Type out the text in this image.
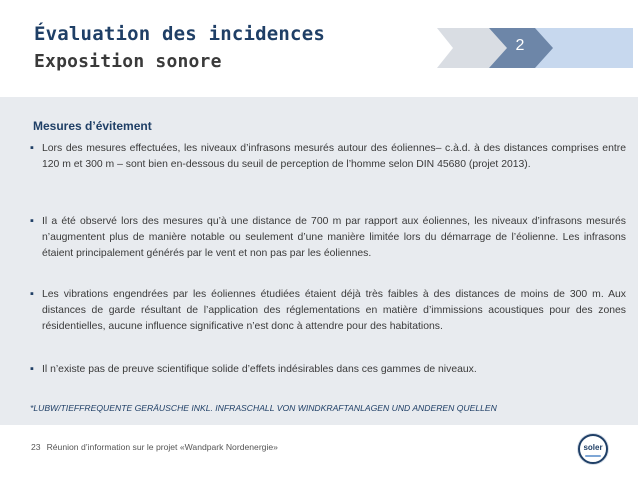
Évaluation des incidences
Exposition sonore
2
Mesures d’évitement
▪ Lors des mesures effectuées, les niveaux d’infrasons mesurés autour des éoliennes– c.à.d. à des distances comprises entre 120 m et 300 m – sont bien en-dessous du seuil de perception de l’homme selon DIN 45680 (projet 2013).
▪ Il a été observé lors des mesures qu’à une distance de 700 m par rapport aux éoliennes, les niveaux d’infrasons mesurés n’augmentent plus de manière notable ou seulement d’une manière limitée lors du démarrage de l’éolienne. Les infrasons étaient principalement générés par le vent et non pas par les éoliennes.
▪ Les vibrations engendrées par les éoliennes étudiées étaient déjà très faibles à des distances de moins de 300 m. Aux distances de garde résultant de l’application des réglementations en matière d’immissions acoustiques pour des zones résidentielles, aucune influence significative n’est donc à attendre pour des habitations.
▪ Il n’existe pas de preuve scientifique solide d’effets indésirables dans ces gammes de niveaux.
*LUBW/TIEFFREQUENTE GERÄUSCHE INKL. INFRASCHALL VON WINDKRAFTANLAGEN UND ANDEREN QUELLEN
23 Réunion d’information sur le projet «Wandpark Nordenergie»	soler
